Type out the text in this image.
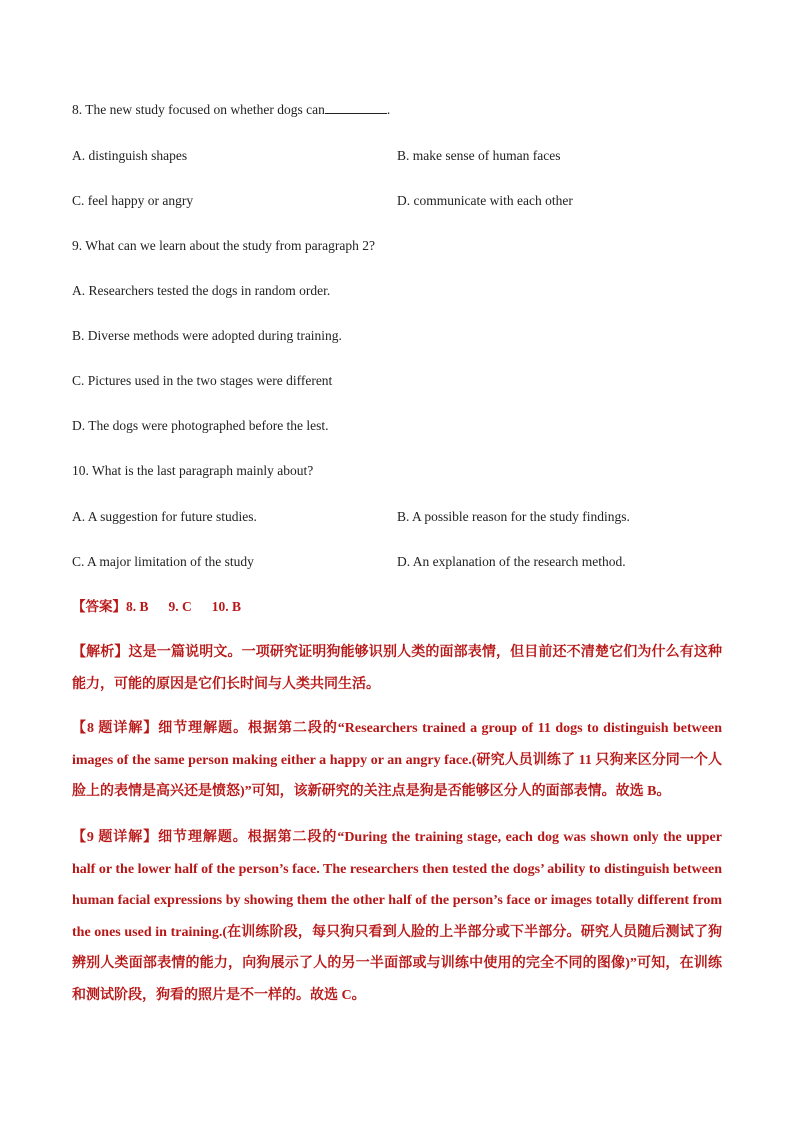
8. The new study focused on whether dogs can	.
A. distinguish shapes	B. make sense of human faces
C. feel happy or angry	D. communicate with each other
9. What can we learn about the study from paragraph 2?
A. Researchers tested the dogs in random order.
B. Diverse methods were adopted during training.
C. Pictures used in the two stages were different
D. The dogs were photographed before the lest.
10. What is the last paragraph mainly about?
A. A suggestion for future studies.	B. A possible reason for the study findings.
C. A major limitation of the study	D. An explanation of the research method.
【答案】8. B 9. C 10. B
【解析】这是一篇说明文。一项研究证明狗能够识别人类的面部表情，但目前还不清楚它们为什么有这种能力，可能的原因是它们长时间与人类共同生活。
【8 题详解】细节理解题。根据第二段的“Researchers trained a group of 11 dogs to distinguish between images of the same person making either a happy or an angry face.(研究人员训练了 11 只狗来区分同一个人脸上的表情是高兴还是愤怒)”可知，该新研究的关注点是狗是否能够区分人的面部表情。故选 B。
【9 题详解】细节理解题。根据第二段的“During the training stage, each dog was shown only the upper half or the lower half of the person’s face. The researchers then tested the dogs’ ability to distinguish between human facial expressions by showing them the other half of the person’s face or images totally different from the ones used in training.(在训练阶段，每只狗只看到人脸的上半部分或下半部分。研究人员随后测试了狗辨别人类面部表情的能力，向狗展示了人的另一半面部或与训练中使用的完全不同的图像)”可知，在训练和测试阶段，狗看的照片是不一样的。故选 C。
